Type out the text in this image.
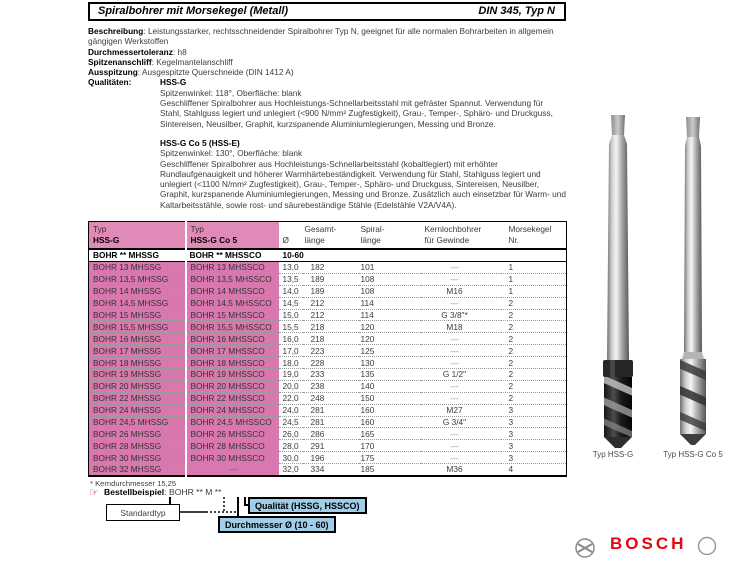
Spiralbohrer mit Morsekegel (Metall)	DIN 345, Typ N
Beschreibung: Leistungsstarker, rechtsschneidender Spiralbohrer Typ N, geeignet für alle normalen Bohrarbeiten in allgemein gängigen Werkstoffen
Durchmessertoleranz: h8
Spitzenanschliff: Kegelmantelanschliff
Ausspitzung: Ausgespitzte Querschneide (DIN 1412 A)
Qualitäten:	HSS-G
Spitzenwinkel: 118°, Oberfläche: blank
Geschliffener Spiralbohrer aus Hochleistungs-Schnellarbeitsstahl mit gefräster Spannut. Verwendung für Stahl, Stahlguss legiert und unlegiert (<900 N/mm² Zugfestigkeit), Grau-, Temper-, Sphäro- und Druckguss, Sintereisen, Neusilber, Graphit, kurzspanende Aluminiumlegierungen, Messing und Bronze.
HSS-G Co 5 (HSS-E)
Spitzenwinkel: 130°, Oberfläche: blank
Geschliffener Spiralbohrer aus Hochleistungs-Schnellarbeitsstahl (kobaltlegiert) mit erhöhter Rundlaufgenauigkeit und höherer Warmhärtebeständigkeit. Verwendung für Stahl, Stahlguss legiert und unlegiert (<1100 N/mm² Zugfestigkeit), Grau-, Temper-, Sphäro- und Druckguss, Sintereisen, Neusilber, Graphit, kurzspanende Aluminiumlegierungen, Messing und Bronze. Zusätzlich auch einsetzbar für Warm- und Kaltarbeitsstähle, sowie rost- und säurebeständige Stähle (Edelstähle V2A/V4A).
Typ
HSS-G

Typ
HSS-G Co 5	Ø

Gesamt-
länge

Spiral-
länge

Kernlochbohrer
für Gewinde

Morsekegel
Nr.

BOHR ** MHSSG	BOHR ** MHSSCO	10-60				
BOHR 13 MHSSG	BOHR 13 MHSSCO	13,0	182	101	---	1
BOHR 13,5 MHSSG	BOHR 13,5 MHSSCO	13,5	189	108	---	1
BOHR 14 MHSSG	BOHR 14 MHSSCO	14,0	189	108	M16	1
BOHR 14,5 MHSSG	BOHR 14,5 MHSSCO	14,5	212	114	---	2
BOHR 15 MHSSG	BOHR 15 MHSSCO	15,0	212	114	G 3/8"*	2
BOHR 15,5 MHSSG	BOHR 15,5 MHSSCO	15,5	218	120	M18	2
BOHR 16 MHSSG	BOHR 16 MHSSCO	16,0	218	120	---	2
BOHR 17 MHSSG	BOHR 17 MHSSCO	17,0	223	125	---	2
BOHR 18 MHSSG	BOHR 18 MHSSCO	18,0	228	130	---	2
BOHR 19 MHSSG	BOHR 19 MHSSCO	19,0	233	135	G 1/2"	2
BOHR 20 MHSSG	BOHR 20 MHSSCO	20,0	238	140	---	2
BOHR 22 MHSSG	BOHR 22 MHSSCO	22,0	248	150	---	2
BOHR 24 MHSSG	BOHR 24 MHSSCO	24,0	281	160	M27	3
BOHR 24,5 MHSSG	BOHR 24,5 MHSSCO	24,5	281	160	G 3/4"	3
BOHR 26 MHSSG	BOHR 26 MHSSCO	26,0	286	165	---	3
BOHR 28 MHSSG	BOHR 28 MHSSCO	28,0	291	170	---	3
BOHR 30 MHSSG	BOHR 30 MHSSCO	30,0	196	175	---	3
BOHR 32 MHSSG	---	32,0	334	185	M36	4
* Kerndurchmesser 15,25
☞ Bestellbeispiel: BOHR ** M **
Standardtyp
Qualität (HSSG, HSSCO)
Durchmesser Ø (10 - 60)
Typ HSS-G	Typ HSS-G Co 5
BOSCH
